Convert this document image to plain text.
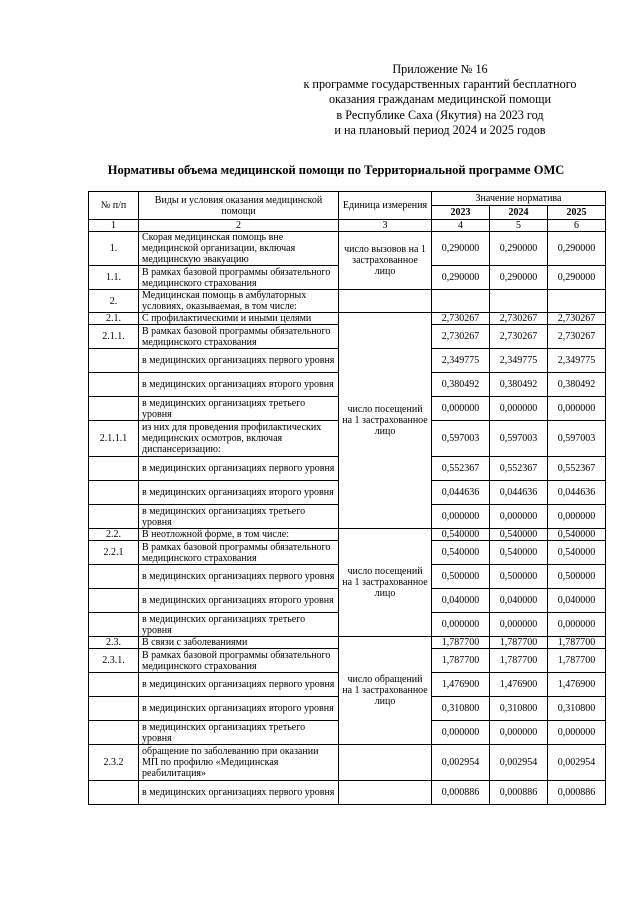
Приложение № 16
к программе государственных гарантий бесплатного
оказания гражданам медицинской помощи
в Республике Саха (Якутия) на 2023 год
и на плановый период 2024 и 2025 годов
Нормативы объема медицинской помощи по Территориальной программе ОМС
№ п/п	Виды и условия оказания медицинской помощи	Единица измерения	Значение норматива		
			2023	2024	2025
1	2	3	4	5	6
1.	Скорая медицинская помощь вне медицинской организации, включая медицинскую эвакуацию	число вызовов на 1 застрахованное лицо	0,290000	0,290000	0,290000
1.1.	В рамках базовой программы обязательного медицинского страхования		0,290000	0,290000	0,290000
2.	Медицинская помощь в амбулаторных условиях, оказываемая, в том числе:				
2.1.	С профилактическими и иными целями	число посещений на 1 застрахованное лицо	2,730267	2,730267	2,730267
2.1.1.	В рамках базовой программы обязательного медицинского страхования		2,730267	2,730267	2,730267
	в медицинских организациях первого уровня		2,349775	2,349775	2,349775
	в медицинских организациях второго уровня		0,380492	0,380492	0,380492
	в медицинских организациях третьего уровня		0,000000	0,000000	0,000000
2.1.1.1	из них для проведения профилактических медицинских осмотров, включая диспансеризацию:		0,597003	0,597003	0,597003
	в медицинских организациях первого уровня		0,552367	0,552367	0,552367
	в медицинских организациях второго уровня		0,044636	0,044636	0,044636
	в медицинских организациях третьего уровня		0,000000	0,000000	0,000000
2.2.	В неотложной форме, в том числе:	число посещений на 1 застрахованное лицо	0,540000	0,540000	0,540000
2.2.1	В рамках базовой программы обязательного медицинского страхования		0,540000	0,540000	0,540000
	в медицинских организациях первого уровня		0,500000	0,500000	0,500000
	в медицинских организациях второго уровня		0,040000	0,040000	0,040000
	в медицинских организациях третьего уровня		0,000000	0,000000	0,000000
2.3.	В связи с заболеваниями	число обращений на 1 застрахованное лицо	1,787700	1,787700	1,787700
2.3.1.	В рамках базовой программы обязательного медицинского страхования		1,787700	1,787700	1,787700
	в медицинских организациях первого уровня		1,476900	1,476900	1,476900
	в медицинских организациях второго уровня		0,310800	0,310800	0,310800
	в медицинских организациях третьего уровня		0,000000	0,000000	0,000000
2.3.2	обращение по заболеванию при оказании МП по профилю «Медицинская реабилитация»		0,002954	0,002954	0,002954
	в медицинских организациях первого уровня		0,000886	0,000886	0,000886
